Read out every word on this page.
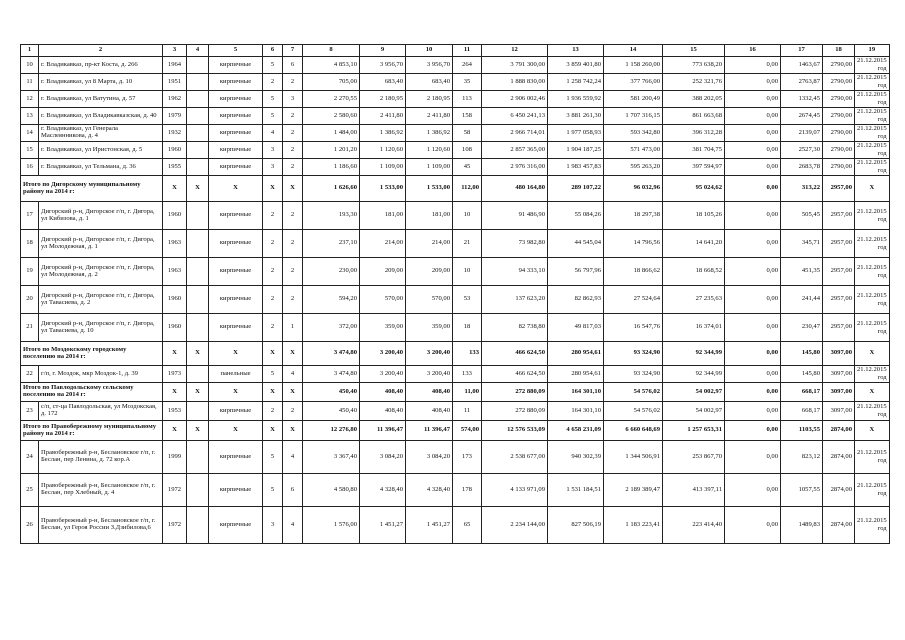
1	2	3	4	5	6	7	8	9	10	11	12	13	14	15	16	17	18	19
10	г. Владикавказ, пр-кт Коста, д. 266	1964		кирпичные	5	6	4 853,10	3 956,70	3 956,70	264	3 791 300,00	3 859 401,80	1 158 260,00	773 638,20	0,00	1463,67	2790,00	21.12.2015 год
11	г. Владикавказ, ул 8 Марта, д. 10	1951		кирпичные	2	2	705,00	683,40	683,40	35	1 888 830,00	1 258 742,24	377 766,00	252 321,76	0,00	2763,87	2790,00	21.12.2015 год
12	г. Владикавказ, ул Ватутина, д. 57	1962		кирпичные	5	3	2 270,55	2 180,95	2 180,95	113	2 906 002,46	1 936 559,92	581 200,49	388 202,05	0,00	1332,45	2790,00	21.12.2015 год
13	г. Владикавказ, ул Владикавказская, д. 40	1979		кирпичные	5	2	2 580,60	2 411,80	2 411,80	158	6 450 241,13	3 881 261,30	1 707 316,15	861 663,68	0,00	2674,45	2790,00	21.12.2015 год
14	г. Владикавказ, ул Генерала Маслеянникова, д. 4	1932		кирпичные	4	2	1 484,00	1 386,92	1 386,92	58	2 966 714,01	1 977 058,93	593 342,80	396 312,28	0,00	2139,07	2790,00	21.12.2015 год
15	г. Владикавказ, ул Иристонская, д. 5	1960		кирпичные	3	2	1 201,20	1 120,60	1 120,60	108	2 857 365,00	1 904 187,25	571 473,00	381 704,75	0,00	2527,30	2790,00	21.12.2015 год
16	г. Владикавказ, ул Тельмана, д. 36	1955		кирпичные	3	2	1 186,60	1 109,00	1 109,00	45	2 976 316,00	1 983 457,83	595 263,20	397 594,97	0,00	2683,78	2790,00	21.12.2015 год
Итого по Дигорскому муниципальному району на 2014 г:		X	X	X	X	X	1 626,60	1 533,00	1 533,00	112,00	480 164,80	289 107,22	96 032,96	95 024,62	0,00	313,22	2957,00	X
17	Дигорский р-н, Дигорское г/п, г. Дигора, ул Кибизова, д. 1	1960		кирпичные	2	2	193,30	181,00	181,00	10	91 486,90	55 084,26	18 297,38	18 105,26	0,00	505,45	2957,00	21.12.2015 год
18	Дигорский р-н, Дигорское г/п, г. Дигора, ул Молодежная, д. 1	1963		кирпичные	2	2	237,10	214,00	214,00	21	73 982,80	44 545,04	14 796,56	14 641,20	0,00	345,71	2957,00	21.12.2015 год
19	Дигорский р-н, Дигорское г/п, г. Дигора, ул Молодежная, д. 2	1963		кирпичные	2	2	230,00	209,00	209,00	10	94 333,10	56 797,96	18 866,62	18 668,52	0,00	451,35	2957,00	21.12.2015 год
20	Дигорский р-н, Дигорское г/п, г. Дигора, ул Тавасиева, д. 2	1960		кирпичные	2	2	594,20	570,00	570,00	53	137 623,20	82 862,93	27 524,64	27 235,63	0,00	241,44	2957,00	21.12.2015 год
21	Дигорский р-н, Дигорское г/п, г. Дигора, ул Тавасиева, д. 10	1960		кирпичные	2	1	372,00	359,00	359,00	18	82 738,80	49 817,03	16 547,76	16 374,01	0,00	230,47	2957,00	21.12.2015 год
Итого по Моздокскому городскому поселению на 2014 г:		X	X	X	X	X	3 474,80	3 200,40	3 200,40	133	466 624,50	280 954,61	93 324,90	92 344,99	0,00	145,80	3097,00	X
22	г/п, г. Моздок, мкр Моздок-1, д. 39	1973		панельные	5	4	3 474,80	3 200,40	3 200,40	133	466 624,50	280 954,61	93 324,90	92 344,99	0,00	145,80	3097,00	21.12.2015 год
Итого по Павлодольскому сельскому поселению на 2014 г:		X	X	X	X	X	450,40	408,40	408,40	11,00	272 880,09	164 301,10	54 576,02	54 002,97	0,00	668,17	3097,00	X
23	с/п, ст-ца Павлодольская, ул Моздокская, д. 172	1953		кирпичные	2	2	450,40	408,40	408,40	11	272 880,09	164 301,10	54 576,02	54 002,97	0,00	668,17	3097,00	21.12.2015 год
Итого по Правобережному муниципальному району на 2014 г:		X	X	X	X	X	12 276,80	11 396,47	11 396,47	574,00	12 576 533,09	4 658 231,09	6 660 648,69	1 257 653,31	0,00	1103,55	2874,00	X
24	Правобережный р-н, Беслановское г/п, г. Беслан, пер Ленина, д. 72 кор.А	1999		кирпичные	5	4	3 367,40	3 084,20	3 084,20	173	2 538 677,00	940 302,39	1 344 506,91	253 867,70	0,00	823,12	2874,00	21.12.2015 год
25	Правобережный р-н, Беслановское г/п, г. Беслан, пер Хлебный, д. 4	1972		кирпичные	5	6	4 580,80	4 328,40	4 328,40	178	4 133 971,09	1 531 184,51	2 189 389,47	413 397,11	0,00	1057,55	2874,00	21.12.2015 год
26	Правобережный р-н, Беслановское г/п, г. Беслан, ул Героя России З.Дзибилова,6	1972		кирпичные	3	4	1 576,00	1 451,27	1 451,27	65	2 234 144,00	827 506,19	1 183 223,41	223 414,40	0,00	1489,83	2874,00	21.12.2015 год
